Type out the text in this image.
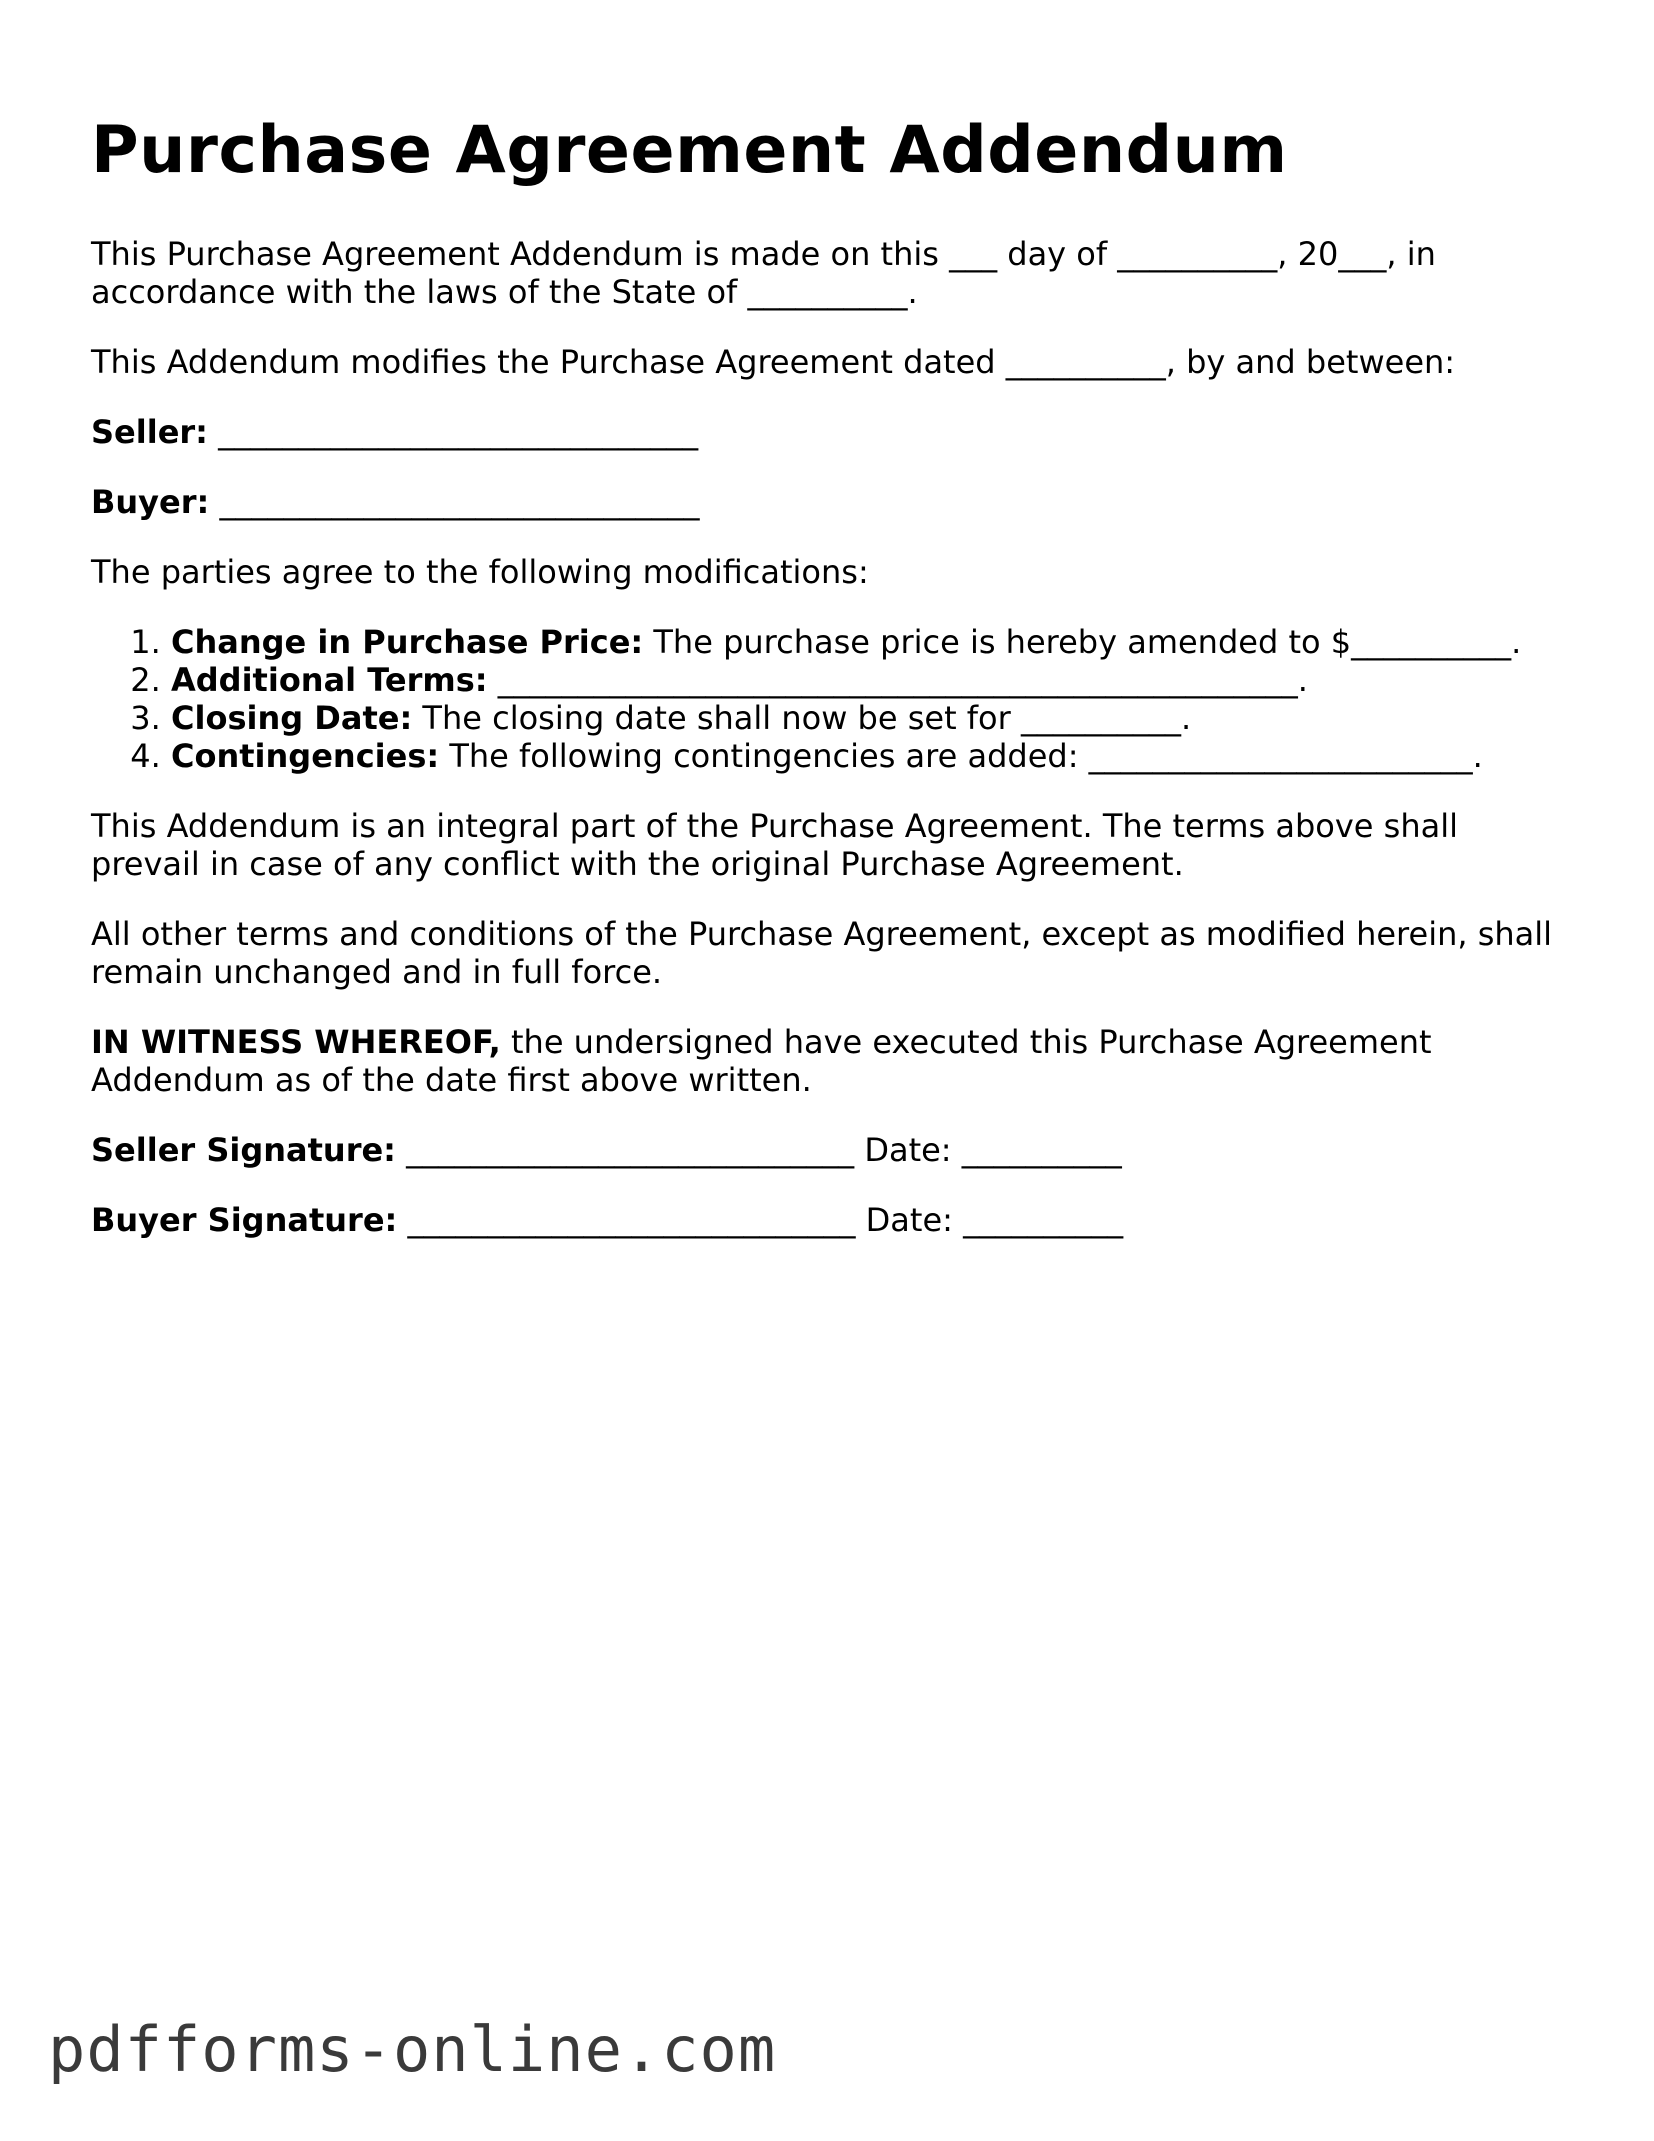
Purchase Agreement Addendum

This Purchase Agreement Addendum is made on this ___ day of __________, 20___, in accordance with the laws of the State of __________.

This Addendum modifies the Purchase Agreement dated __________, by and between:

Seller: ______________________________

Buyer: ______________________________

The parties agree to the following modifications:

1. Change in Purchase Price: The purchase price is hereby amended to $__________.
2. Additional Terms: __________________________________________________.
3. Closing Date: The closing date shall now be set for __________.
4. Contingencies: The following contingencies are added: ________________________.

This Addendum is an integral part of the Purchase Agreement. The terms above shall prevail in case of any conflict with the original Purchase Agreement.

All other terms and conditions of the Purchase Agreement, except as modified herein, shall remain unchanged and in full force.

IN WITNESS WHEREOF, the undersigned have executed this Purchase Agreement Addendum as of the date first above written.

Seller Signature: ____________________________ Date: __________

Buyer Signature: ____________________________ Date: __________

pdfforms-online.com
